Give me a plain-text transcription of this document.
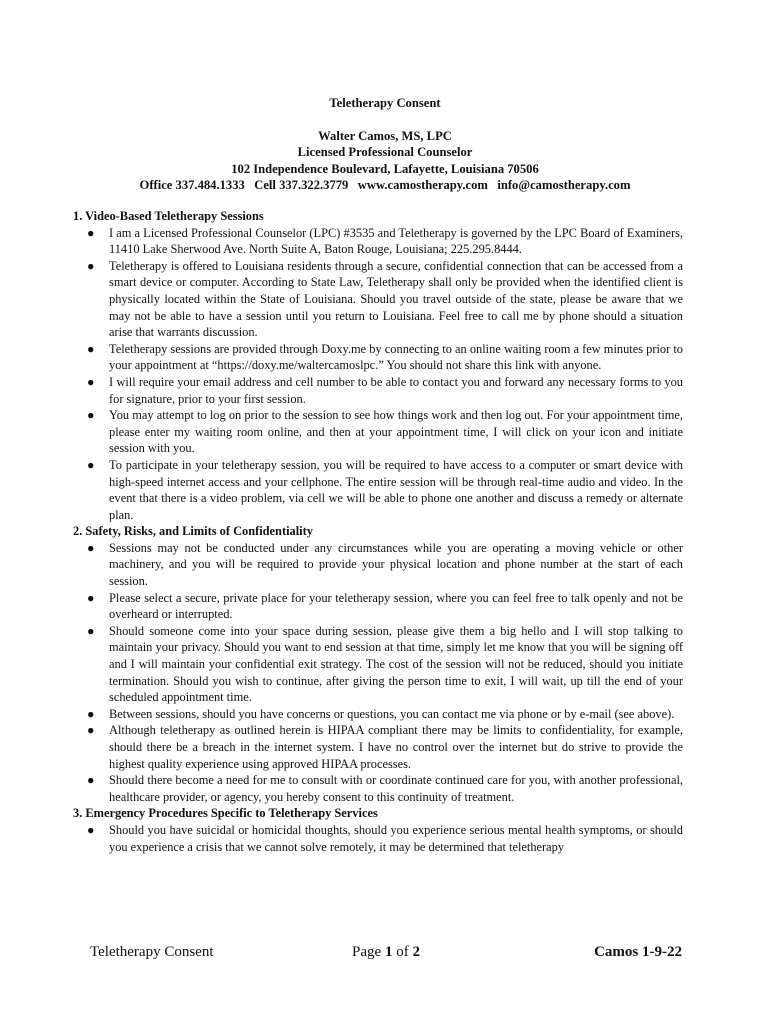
Teletherapy Consent
Walter Camos, MS, LPC
Licensed Professional Counselor
102 Independence Boulevard, Lafayette, Louisiana 70506
Office 337.484.1333   Cell 337.322.3779   www.camostherapy.com   info@camostherapy.com

1. Video-Based Teletherapy Sessions

● I am a Licensed Professional Counselor (LPC) #3535 and Teletherapy is governed by the LPC Board of Examiners, 11410 Lake Sherwood Ave. North Suite A, Baton Rouge, Louisiana; 225.295.8444.
● Teletherapy is offered to Louisiana residents through a secure, confidential connection that can be accessed from a smart device or computer. According to State Law, Teletherapy shall only be provided when the identified client is physically located within the State of Louisiana. Should you travel outside of the state, please be aware that we may not be able to have a session until you return to Louisiana. Feel free to call me by phone should a situation arise that warrants discussion.
● Teletherapy sessions are provided through Doxy.me by connecting to an online waiting room a few minutes prior to your appointment at “https://doxy.me/waltercamoslpc.” You should not share this link with anyone.
● I will require your email address and cell number to be able to contact you and forward any necessary forms to you for signature, prior to your first session.
● You may attempt to log on prior to the session to see how things work and then log out. For your appointment time, please enter my waiting room online, and then at your appointment time, I will click on your icon and initiate session with you.
● To participate in your teletherapy session, you will be required to have access to a computer or smart device with high-speed internet access and your cellphone. The entire session will be through real-time audio and video. In the event that there is a video problem, via cell we will be able to phone one another and discuss a remedy or alternate plan.

2. Safety, Risks, and Limits of Confidentiality

● Sessions may not be conducted under any circumstances while you are operating a moving vehicle or other machinery, and you will be required to provide your physical location and phone number at the start of each session.
● Please select a secure, private place for your teletherapy session, where you can feel free to talk openly and not be overheard or interrupted.
● Should someone come into your space during session, please give them a big hello and I will stop talking to maintain your privacy. Should you want to end session at that time, simply let me know that you will be signing off and I will maintain your confidential exit strategy. The cost of the session will not be reduced, should you initiate termination. Should you wish to continue, after giving the person time to exit, I will wait, up till the end of your scheduled appointment time.
● Between sessions, should you have concerns or questions, you can contact me via phone or by e-mail (see above).
● Although teletherapy as outlined herein is HIPAA compliant there may be limits to confidentiality, for example, should there be a breach in the internet system. I have no control over the internet but do strive to provide the highest quality experience using approved HIPAA processes.
● Should there become a need for me to consult with or coordinate continued care for you, with another professional, healthcare provider, or agency, you hereby consent to this continuity of treatment.

3. Emergency Procedures Specific to Teletherapy Services

● Should you have suicidal or homicidal thoughts, should you experience serious mental health symptoms, or should you experience a crisis that we cannot solve remotely, it may be determined that teletherapy
Teletherapy Consent	Page 1 of 2	Camos 1-9-22
